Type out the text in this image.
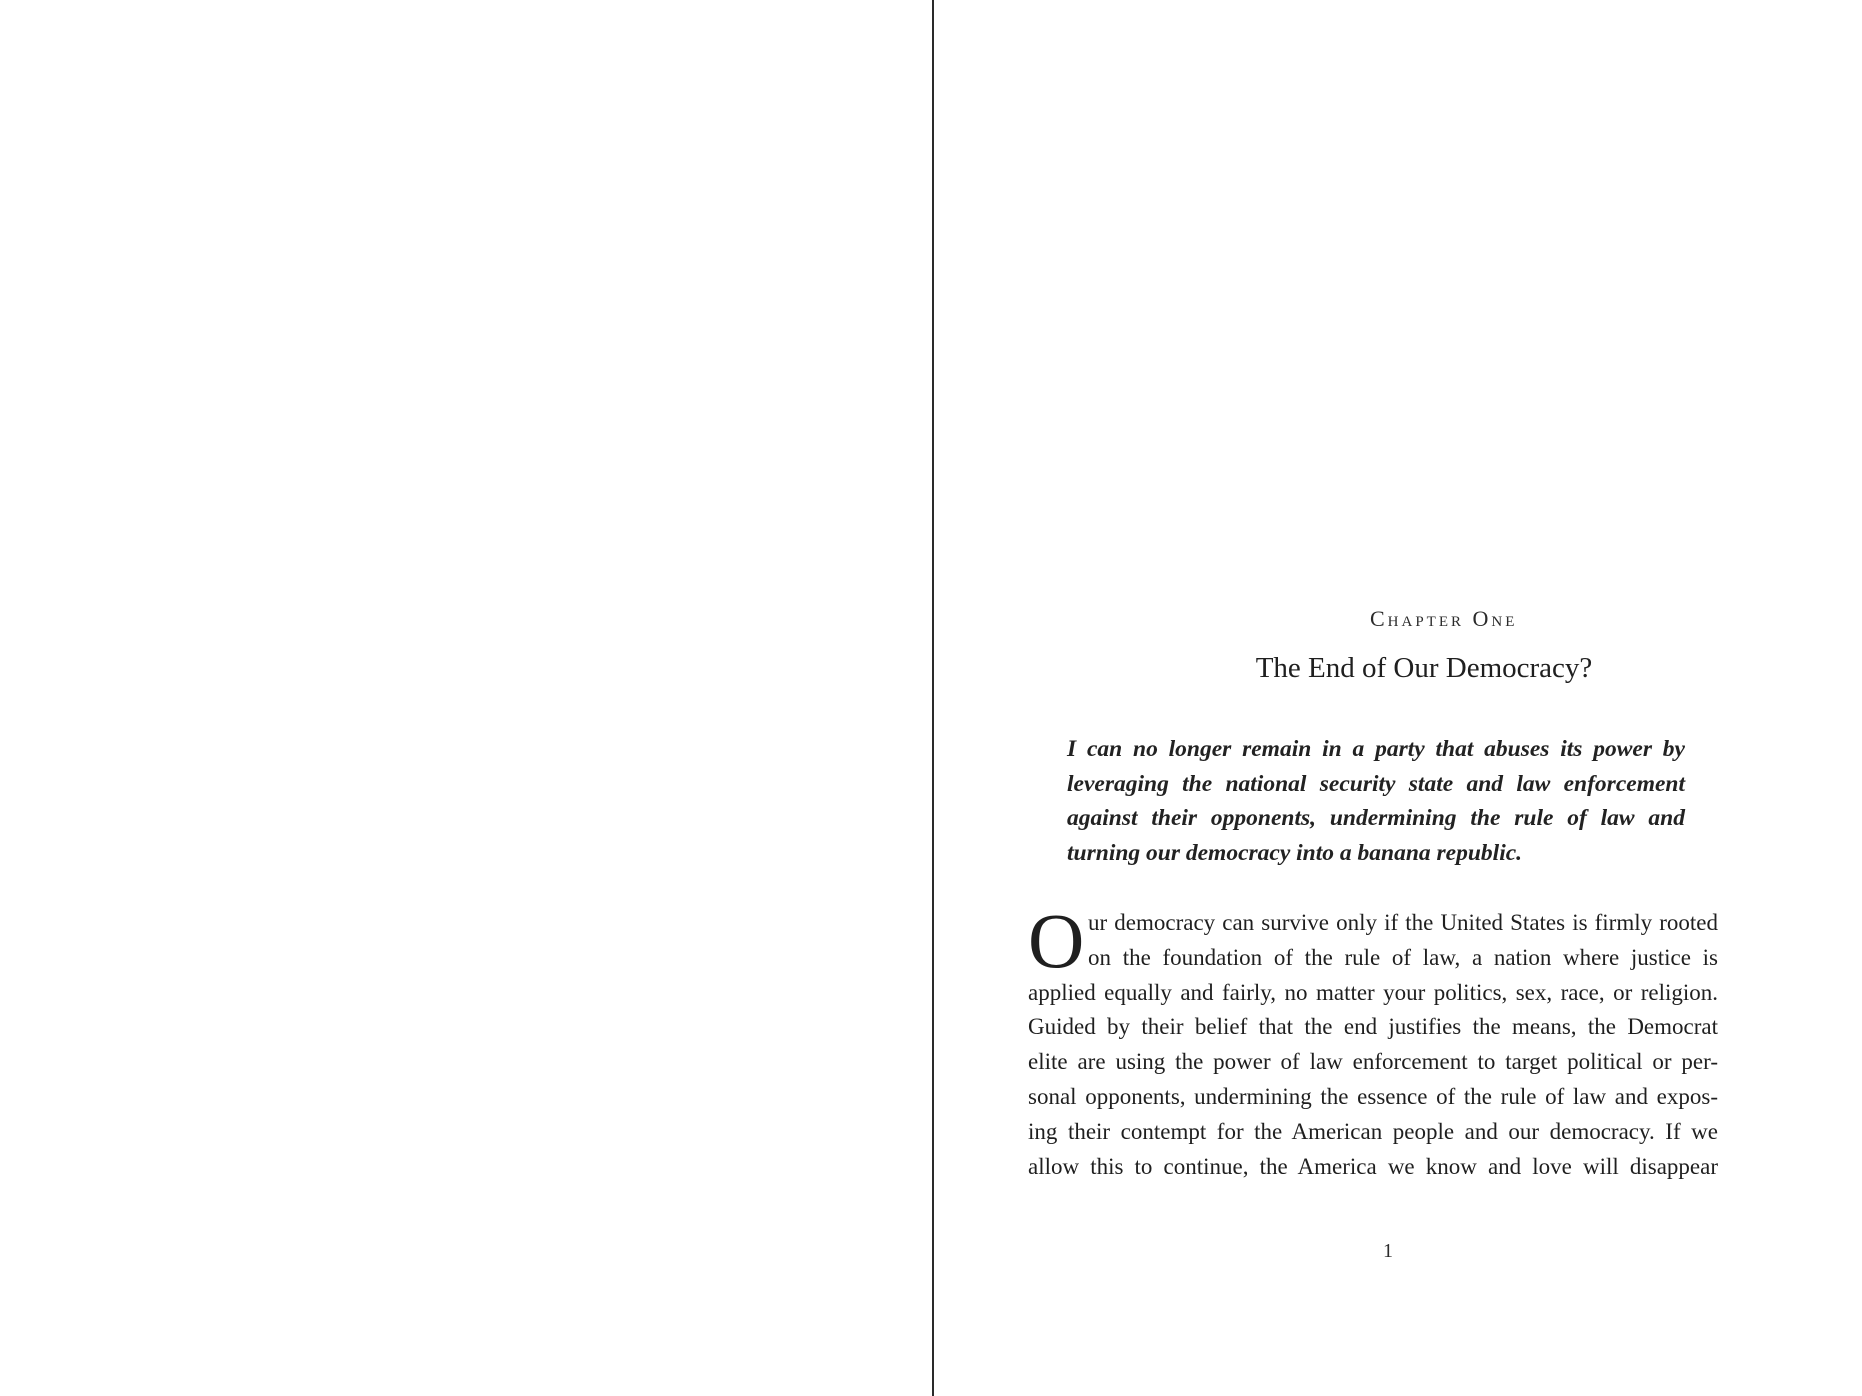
Chapter One
The End of Our Democracy?
I can no longer remain in a party that abuses its power by leveraging the national security state and law enforcement against their opponents, undermining the rule of law and turning our democracy into a banana republic.
O ur democracy can survive only if the United States is firmly rooted
on the foundation of the rule of law, a nation where justice is
applied equally and fairly, no matter your politics, sex, race, or religion.
Guided by their belief that the end justifies the means, the Democrat
elite are using the power of law enforcement to target political or per-
sonal opponents, undermining the essence of the rule of law and expos-
ing their contempt for the American people and our democracy. If we
allow this to continue, the America we know and love will disappear
1
